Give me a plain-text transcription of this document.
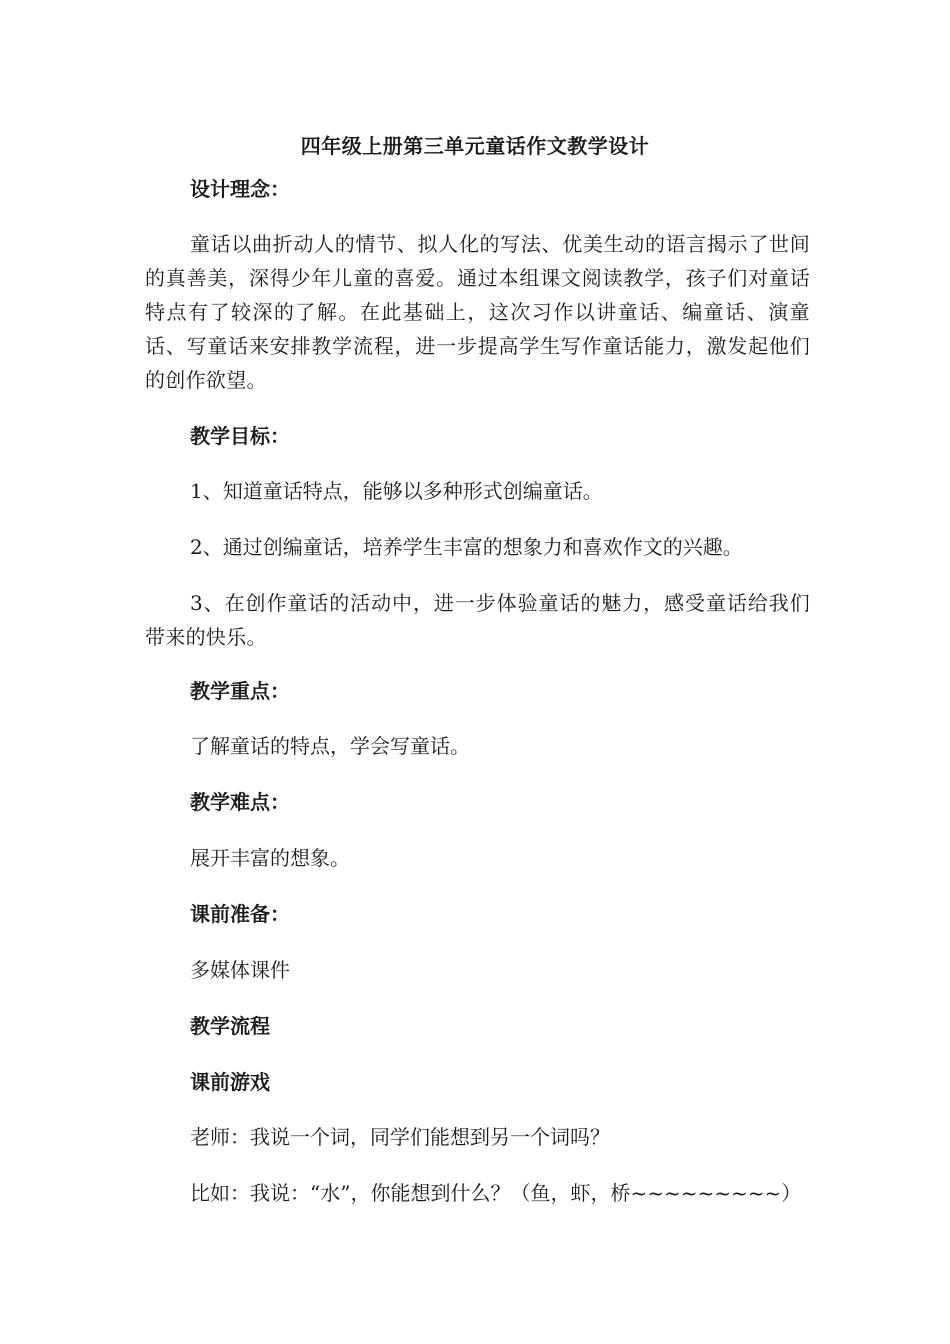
四年级上册第三单元童话作文教学设计
设计理念：
童话以曲折动人的情节、拟人化的写法、优美生动的语言揭示了世间的真善美，深得少年儿童的喜爱。通过本组课文阅读教学，孩子们对童话特点有了较深的了解。在此基础上，这次习作以讲童话、编童话、演童话、写童话来安排教学流程，进一步提高学生写作童话能力，激发起他们的创作欲望。
教学目标：
1、知道童话特点，能够以多种形式创编童话。
2、通过创编童话，培养学生丰富的想象力和喜欢作文的兴趣。
3、在创作童话的活动中，进一步体验童话的魅力，感受童话给我们带来的快乐。
教学重点：
了解童话的特点，学会写童话。
教学难点：
展开丰富的想象。
课前准备：
多媒体课件
教学流程
课前游戏
老师：我说一个词，同学们能想到另一个词吗？
比如：我说：“水”，你能想到什么？（鱼，虾，桥~~~~~~~~~）
